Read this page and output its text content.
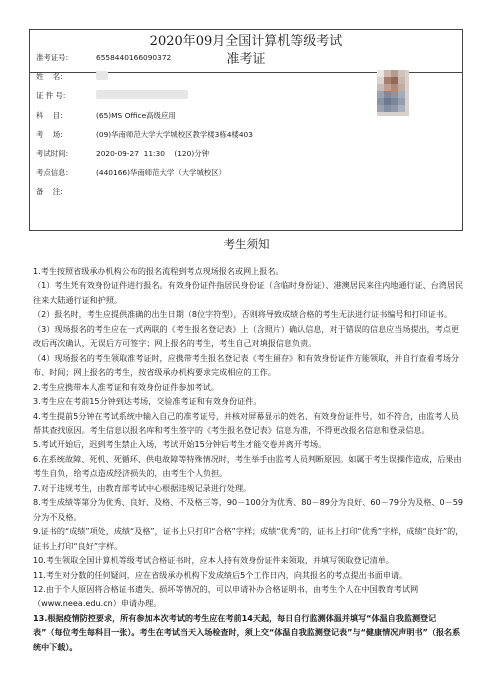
2020年09月全国计算机等级考试
准考证
准考证号:	6558440166090372
姓    名:
证 件 号:
科    目:	(65)MS Office高级应用
考    场:	(09)华南师范大学大学城校区教学楼3栋4楼403
考试时间:	2020-09-27  11:30    (120)分钟
考点信息:	(440166)华南师范大学（大学城校区）
备    注:
考生须知

1.考生按照省级承办机构公布的报名流程到考点现场报名或网上报名。

（1）考生凭有效身份证件进行报名。有效身份证件指居民身份证（含临时身份证）、港澳居民来往内地通行证、台湾居民往来大陆通行证和护照。

（2）报名时，考生应提供准确的出生日期（8位字符型），否则将导致成绩合格的考生无法进行证书编号和打印证书。

（3）现场报名的考生应在一式两联的《考生报名登记表》上（含照片）确认信息，对于错误的信息应当场提出，考点更改后再次确认，无误后方可签字；网上报名的考生，考生自己对填报信息负责。

（4）现场报名的考生领取准考证时，应携带考生报名登记表《考生留存》和有效身份证件方能领取，并自行查看考场分布、时间；网上报名的考生，按省级承办机构要求完成相应的工作。

2.考生应携带本人准考证和有效身份证件参加考试。

3.考生应在考前15分钟到达考场，交验准考证和有效身份证件。

4.考生提前5分钟在考试系统中输入自己的准考证号，并核对屏幕显示的姓名、有效身份证件号，如不符合，由监考人员帮其查找原因。考生信息以报名库和考生签字的《考生报名登记表》信息为准，不得更改报名信息和登录信息。

5.考试开始后，迟到考生禁止入场，考试开始15分钟后考生才能交卷并离开考场。

6.在系统故障、死机、死循环、供电故障等特殊情况时，考生举手由监考人员判断原因。如属于考生误操作造成，后果由考生自负，给考点造成经济损失的，由考生个人负担。

7.对于违规考生，由教育部考试中心根据违规记录进行处理。

8.考生成绩等第分为优秀、良好、及格、不及格三等，90－100分为优秀、80－89分为良好、60－79分为及格、0－59分为不及格。

9.证书的“成绩”项处，成绩“及格”，证书上只打印“合格”字样；成绩“优秀”的，证书上打印“优秀”字样，成绩“良好”的，证书上打印“良好”字样。

10.考生领取全国计算机等级考试合格证书时，应本人持有效身份证件来领取，并填写领取登记清单。

11.考生对分数的任何疑问，应在省级承办机构下发成绩后5个工作日内，向其报名的考点提出书面申请。

12.由于个人原因将合格证书遗失、损坏等情况的，可以申请补办合格证明书，由考生个人在中国教育考试网（www.neea.edu.cn）申请办理。

13.根据疫情防控要求，所有参加本次考试的考生应在考前14天起，每日自行监测体温并填写“体温自我监测登记表”（每位考生每科目一张）。考生在考试当天入场检查时，须上交“体温自我监测登记表”与“健康情况声明书”（报名系统中下载）。
